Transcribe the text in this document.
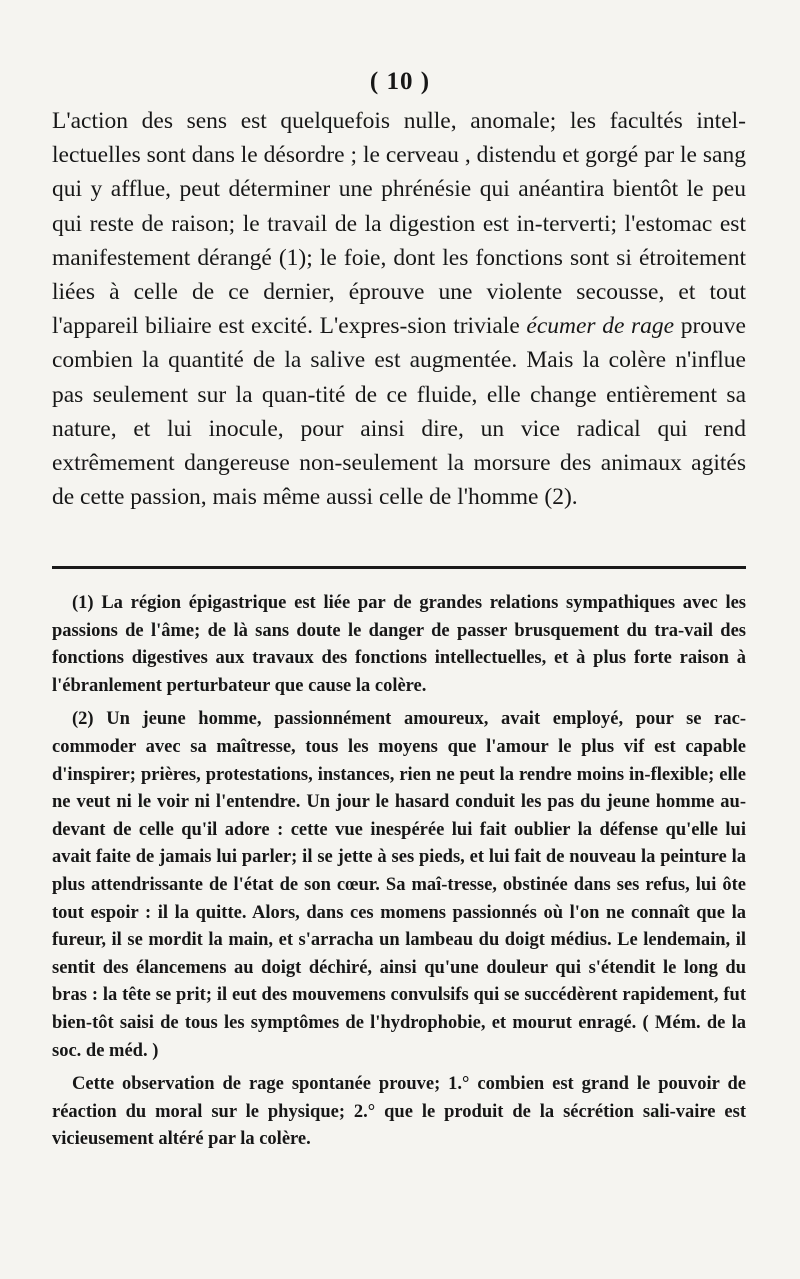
( 10 )

L'action des sens est quelquefois nulle, anomale; les facultés intel-lectuelles sont dans le désordre ; le cerveau , distendu et gorgé par le sang qui y afflue, peut déterminer une phrénésie qui anéantira bientôt le peu qui reste de raison; le travail de la digestion est in-terverti; l'estomac est manifestement dérangé (1); le foie, dont les fonctions sont si étroitement liées à celle de ce dernier, éprouve une violente secousse, et tout l'appareil biliaire est excité. L'expres-sion triviale écumer de rage prouve combien la quantité de la salive est augmentée. Mais la colère n'influe pas seulement sur la quan-tité de ce fluide, elle change entièrement sa nature, et lui inocule, pour ainsi dire, un vice radical qui rend extrêmement dangereuse non-seulement la morsure des animaux agités de cette passion, mais même aussi celle de l'homme (2).

(1) La région épigastrique est liée par de grandes relations sympathiques avec les passions de l'âme; de là sans doute le danger de passer brusquement du tra-vail des fonctions digestives aux travaux des fonctions intellectuelles, et à plus forte raison à l'ébranlement perturbateur que cause la colère.

(2) Un jeune homme, passionnément amoureux, avait employé, pour se rac-commoder avec sa maîtresse, tous les moyens que l'amour le plus vif est capable d'inspirer; prières, protestations, instances, rien ne peut la rendre moins in-flexible; elle ne veut ni le voir ni l'entendre. Un jour le hasard conduit les pas du jeune homme au-devant de celle qu'il adore : cette vue inespérée lui fait oublier la défense qu'elle lui avait faite de jamais lui parler; il se jette à ses pieds, et lui fait de nouveau la peinture la plus attendrissante de l'état de son cœur. Sa maî-tresse, obstinée dans ses refus, lui ôte tout espoir : il la quitte. Alors, dans ces momens passionnés où l'on ne connaît que la fureur, il se mordit la main, et s'arracha un lambeau du doigt médius. Le lendemain, il sentit des élancemens au doigt déchiré, ainsi qu'une douleur qui s'étendit le long du bras : la tête se prit; il eut des mouvemens convulsifs qui se succédèrent rapidement, fut bien-tôt saisi de tous les symptômes de l'hydrophobie, et mourut enragé. ( Mém. de la soc. de méd. )

Cette observation de rage spontanée prouve; 1.° combien est grand le pouvoir de réaction du moral sur le physique; 2.° que le produit de la sécrétion sali-vaire est vicieusement altéré par la colère.
